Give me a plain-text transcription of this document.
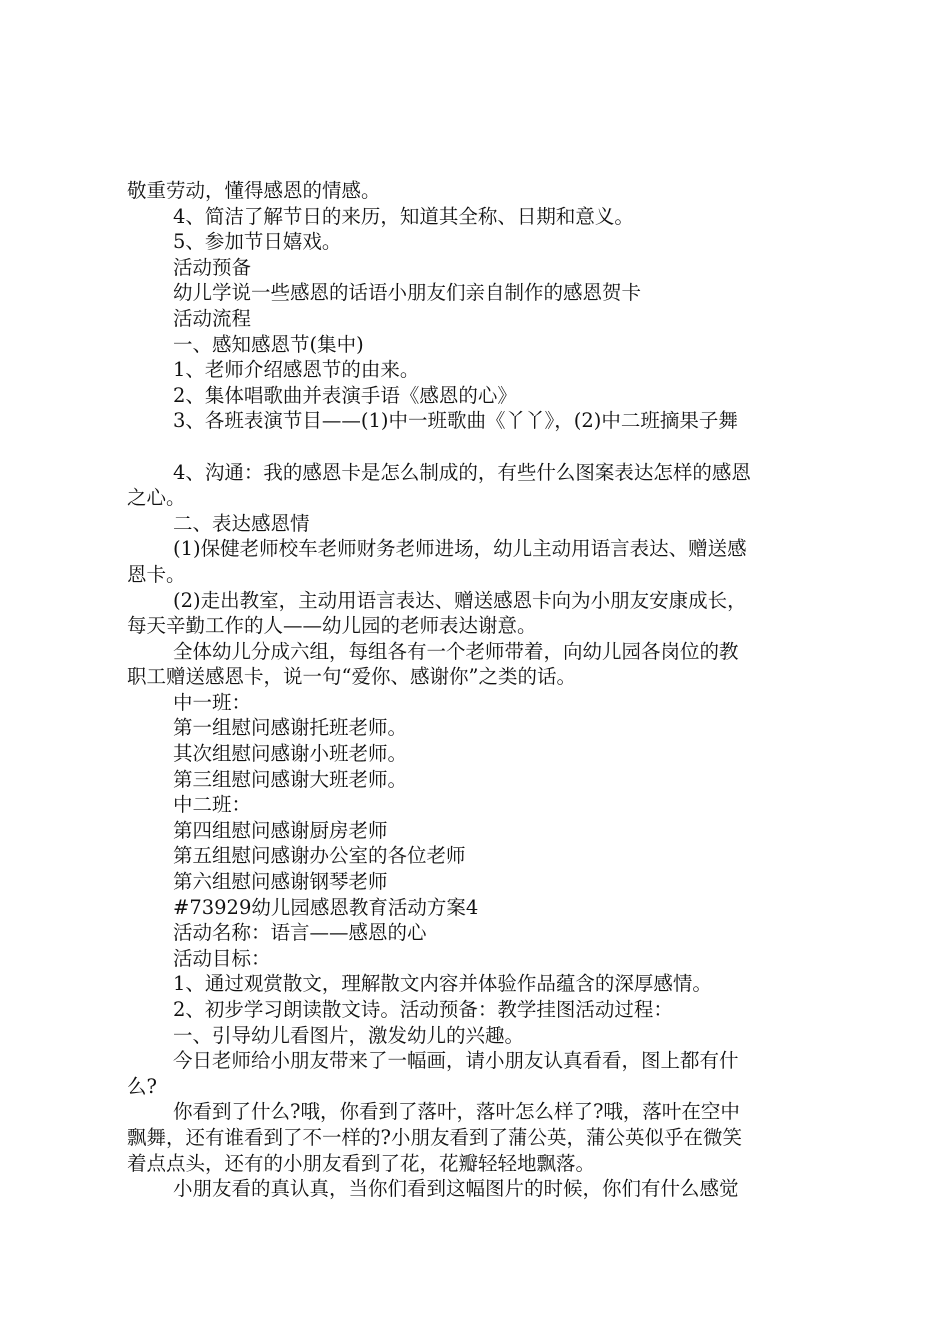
敬重劳动，懂得感恩的情感。
4、简洁了解节日的来历，知道其全称、日期和意义。
5、参加节日嬉戏。
活动预备
幼儿学说一些感恩的话语小朋友们亲自制作的感恩贺卡
活动流程
一、感知感恩节(集中)
1、老师介绍感恩节的由来。
2、集体唱歌曲并表演手语《感恩的心》
3、各班表演节目——(1)中一班歌曲《丫丫》，(2)中二班摘果子舞
4、沟通：我的感恩卡是怎么制成的，有些什么图案表达怎样的感恩
之心。
二、表达感恩情
(1)保健老师校车老师财务老师进场，幼儿主动用语言表达、赠送感
恩卡。
(2)走出教室，主动用语言表达、赠送感恩卡向为小朋友安康成长，
每天辛勤工作的人——幼儿园的老师表达谢意。
全体幼儿分成六组，每组各有一个老师带着，向幼儿园各岗位的教
职工赠送感恩卡，说一句“爱你、感谢你”之类的话。
中一班：
第一组慰问感谢托班老师。
其次组慰问感谢小班老师。
第三组慰问感谢大班老师。
中二班：
第四组慰问感谢厨房老师
第五组慰问感谢办公室的各位老师
第六组慰问感谢钢琴老师
#73929幼儿园感恩教育活动方案4
活动名称：语言——感恩的心
活动目标：
1、通过观赏散文，理解散文内容并体验作品蕴含的深厚感情。
2、初步学习朗读散文诗。活动预备：教学挂图活动过程：
一、引导幼儿看图片，激发幼儿的兴趣。
今日老师给小朋友带来了一幅画，请小朋友认真看看，图上都有什
么?
你看到了什么?哦，你看到了落叶，落叶怎么样了?哦，落叶在空中
飘舞，还有谁看到了不一样的?小朋友看到了蒲公英，蒲公英似乎在微笑
着点点头，还有的小朋友看到了花，花瓣轻轻地飘落。
小朋友看的真认真，当你们看到这幅图片的时候，你们有什么感觉
